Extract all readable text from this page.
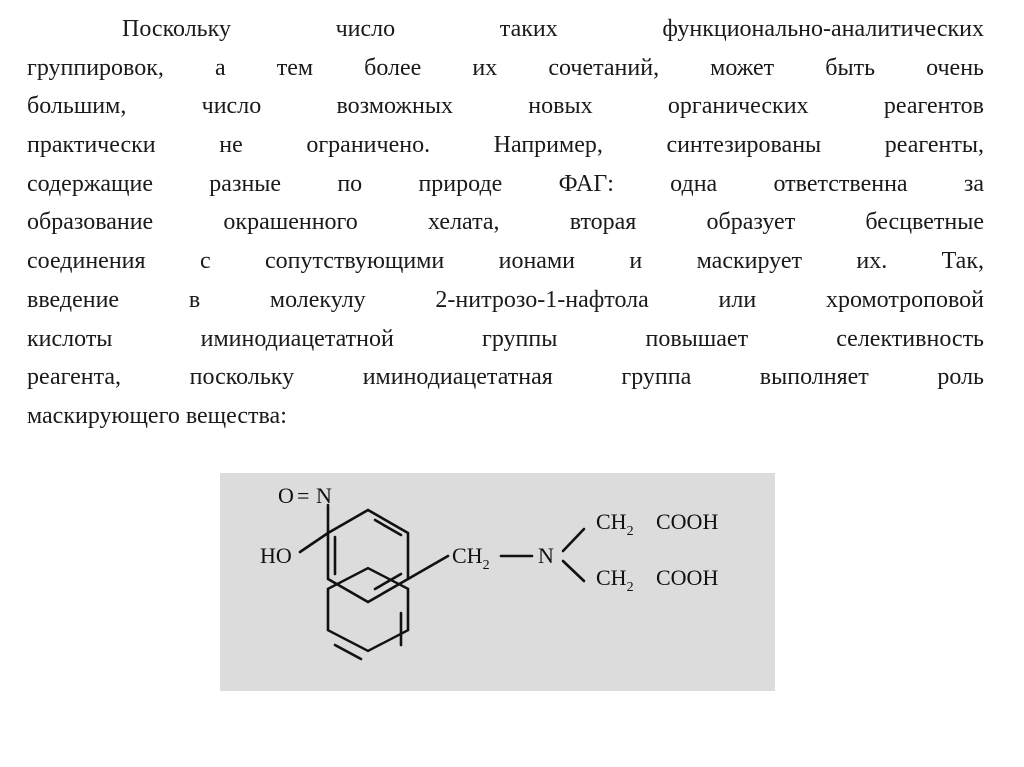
Поскольку число таких функционально-аналитических
группировок, а тем более их сочетаний, может быть очень
большим, число возможных новых органических реагентов
практически не ограничено. Например, синтезированы реагенты,
содержащие разные по природе ФАГ: одна ответственна за
образование окрашенного хелата, вторая образует бесцветные
соединения с сопутствующими ионами и маскирует их. Так,
введение в молекулу 2-нитрозо-1-нафтола или хромотроповой
кислоты иминодиацетатной группы повышает селективность
реагента, поскольку иминодиацетатная группа выполняет роль
маскирующего вещества:
O = N
HO	$CH_2$ N
$CH_2$ COOH
$CH_2$ COOH
